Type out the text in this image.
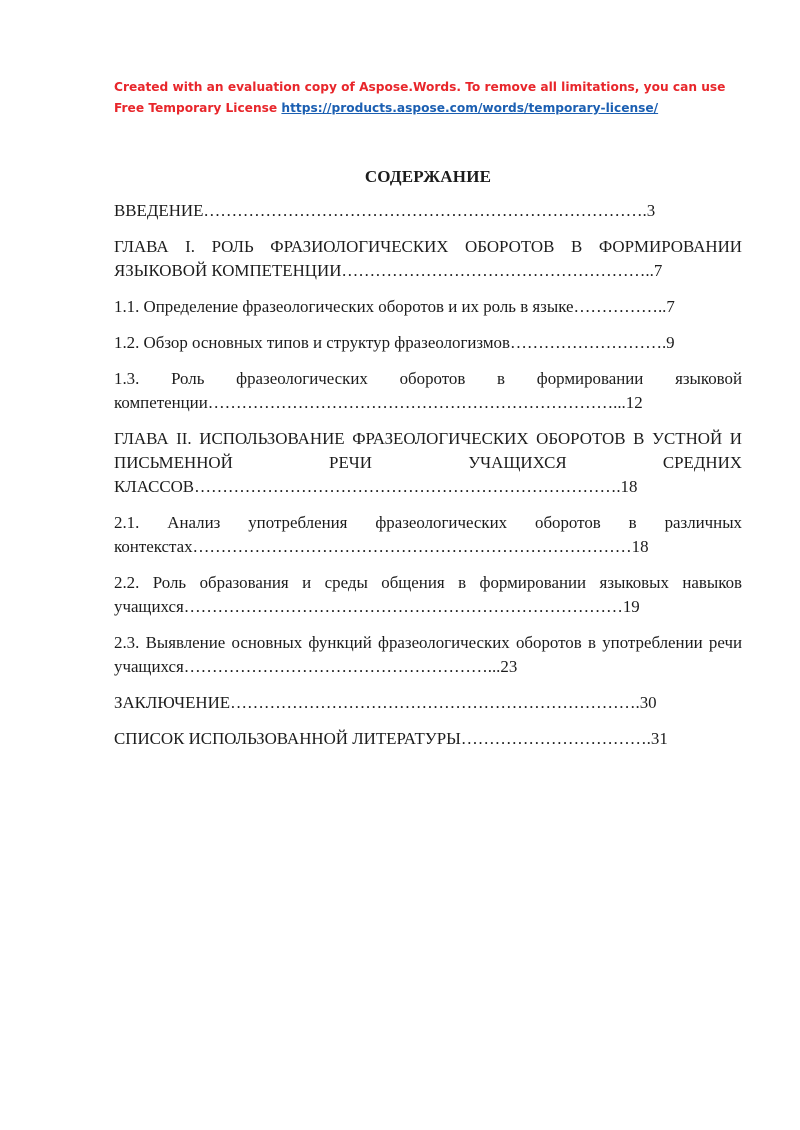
Created with an evaluation copy of Aspose.Words. To remove all limitations, you can use
Free Temporary License https://products.aspose.com/words/temporary-license/
СОДЕРЖАНИЕ
ВВЕДЕНИЕ…………………………………………………………………….3
ГЛАВА I. РОЛЬ ФРАЗИОЛОГИЧЕСКИХ ОБОРОТОВ В ФОРМИРОВАНИИ ЯЗЫКОВОЙ КОМПЕТЕНЦИИ………………………………………………..7
1.1. Определение фразеологических оборотов и их роль в языке……………..7
1.2. Обзор основных типов и структур фразеологизмов……………………….9
1.3. Роль фразеологических оборотов в формировании языковой компетенции………………………………………………………………...12
ГЛАВА II. ИСПОЛЬЗОВАНИЕ ФРАЗЕОЛОГИЧЕСКИХ ОБОРОТОВ В УСТНОЙ И ПИСЬМЕННОЙ РЕЧИ УЧАЩИХСЯ СРЕДНИХ КЛАССОВ………………………………………………………………….18
2.1. Анализ употребления фразеологических оборотов в различных контекстах……………………………………………………………………18
2.2. Роль образования и среды общения в формировании языковых навыков учащихся……………………………………………………………………19
2.3. Выявление основных функций фразеологических оборотов в употреблении речи учащихся………………………………………………...23
ЗАКЛЮЧЕНИЕ……………………………………………………………….30
СПИСОК ИСПОЛЬЗОВАННОЙ ЛИТЕРАТУРЫ…………………………….31
